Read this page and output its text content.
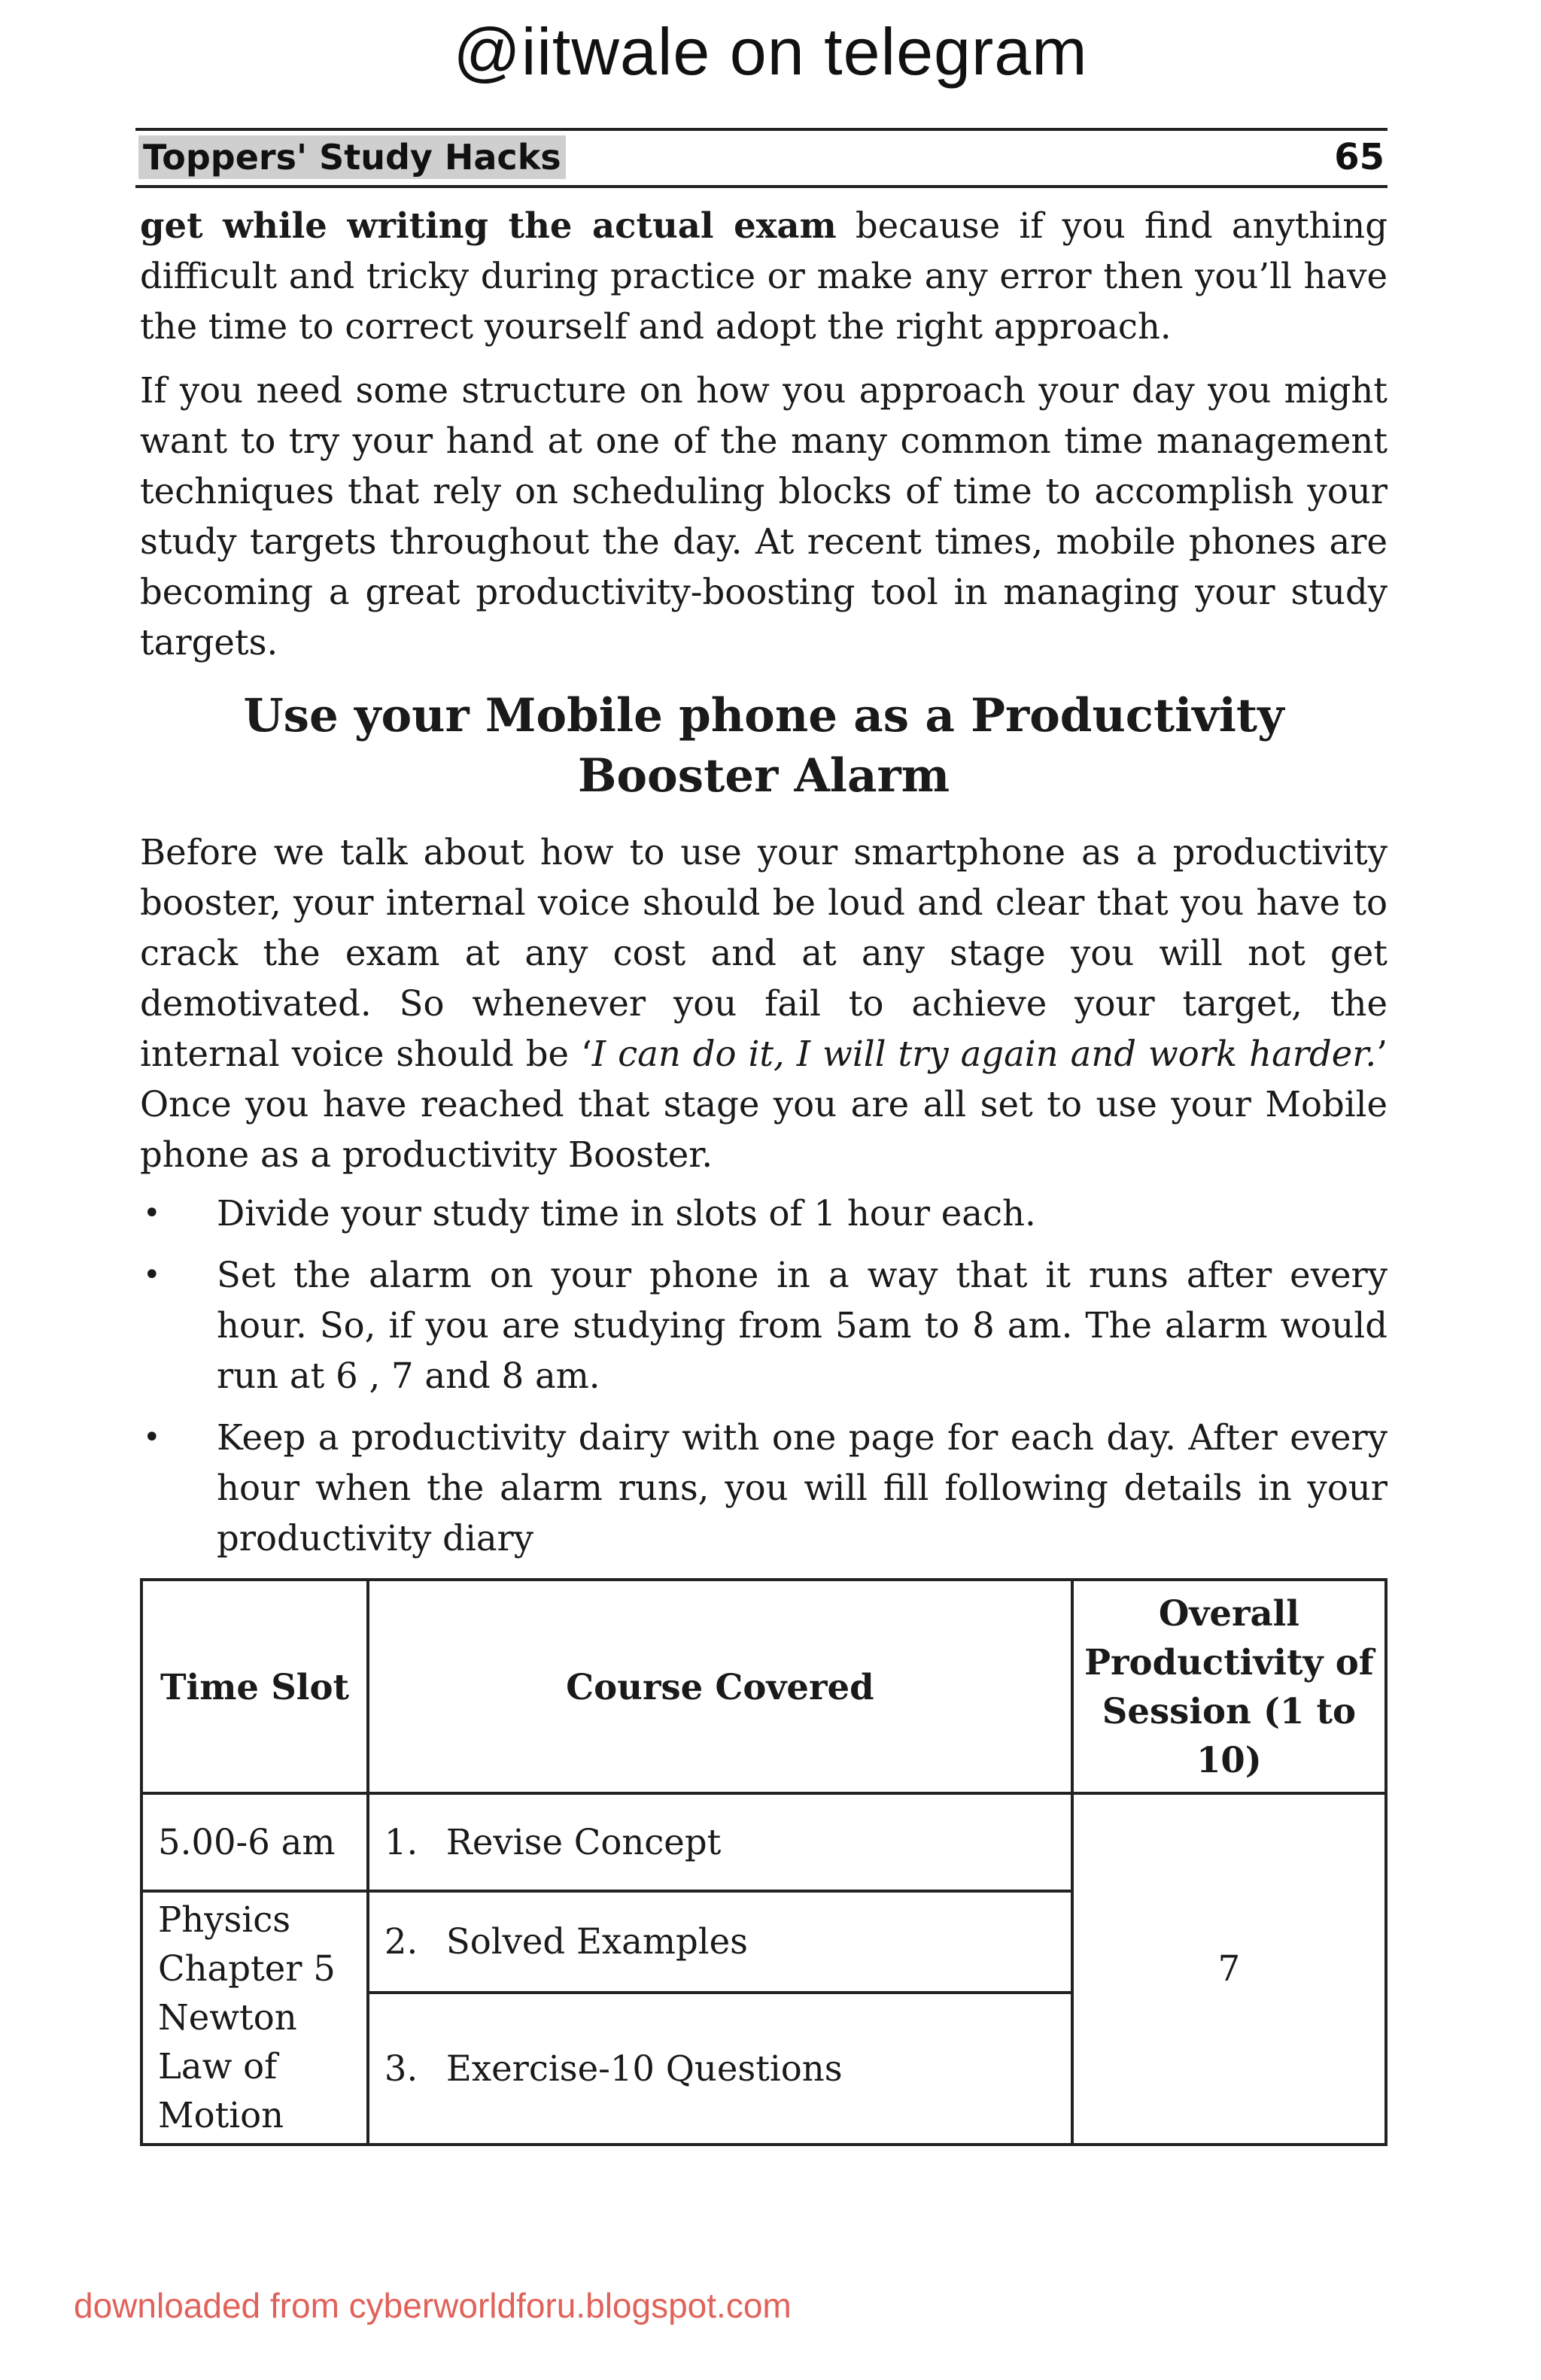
@iitwale on telegram
Toppers' Study Hacks	65

get while writing the actual exam because if you find anything difficult and tricky during practice or make any error then you’ll have the time to correct yourself and adopt the right approach.

If you need some structure on how you approach your day you might want to try your hand at one of the many common time management techniques that rely on scheduling blocks of time to accomplish your study targets throughout the day. At recent times, mobile phones are becoming a great productivity-boosting tool in managing your study targets.

Use your Mobile phone as a Productivity Booster Alarm

Before we talk about how to use your smartphone as a productivity booster, your internal voice should be loud and clear that you have to crack the exam at any cost and at any stage you will not get demotivated. So whenever you fail to achieve your target, the internal voice should be ‘I can do it, I will try again and work harder.’ Once you have reached that stage you are all set to use your Mobile phone as a productivity Booster.

• Divide your study time in slots of 1 hour each.
• Set the alarm on your phone in a way that it runs after every hour. So, if you are studying from 5am to 8 am. The alarm would run at 6 , 7 and 8 am.
• Keep a productivity dairy with one page for each day. After every hour when the alarm runs, you will fill following details in your productivity diary
Time Slot	Course Covered	Overall Productivity of Session (1 to 10)
5.00-6 am	1. Revise Concept	7
Physics Chapter 5 Newton Law of Motion	2. Solved Examples	
	3. Exercise-10 Questions	
downloaded from cyberworldforu.blogspot.com
